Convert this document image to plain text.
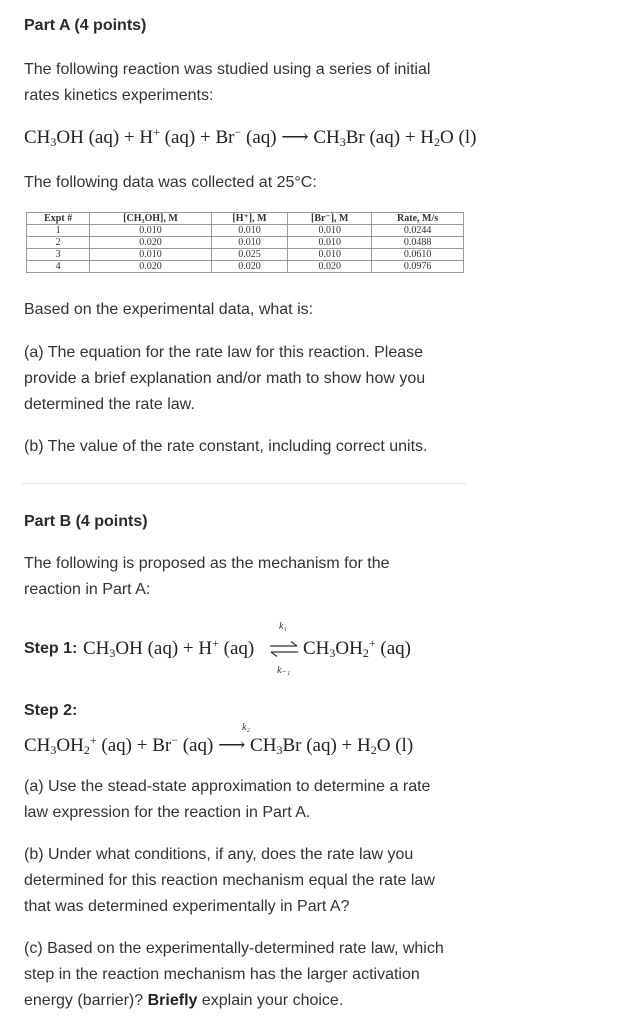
Part A (4 points)
The following reaction was studied using a series of initial
rates kinetics experiments:
$CH_3OH$ (aq) + H+ (aq) + Br− (aq) ⟶ $CH_3Br$ $(aq) + H_2O$ (l)
The following data was collected at 25°C:
Expt #	[CH₃OH], M	[H⁺], M	[Br⁻], M	Rate, M/s
1	0.010	0.010	0.010	0.0244
2	0.020	0.010	0.010	0.0488
3	0.010	0.025	0.010	0.0610
4	0.020	0.020	0.020	0.0976
Based on the experimental data, what is:
(a) The equation for the rate law for this reaction. Please
provide a brief explanation and/or math to show how you
determined the rate law.
(b) The value of the rate constant, including correct units.
Part B (4 points)
The following is proposed as the mechanism for the
reaction in Part A:
Step 1: $CH_3OH$ (aq) + H+ (aq)
k₁
k₋₁
$CH_3OH_2^+$ (aq)
Step 2:
k₂
$CH_3OH_2^+$ (aq) + Br− (aq) ⟶ $CH_3Br$ $(aq) + H_2O$ (l)
(a) Use the stead-state approximation to determine a rate
law expression for the reaction in Part A.
(b) Under what conditions, if any, does the rate law you
determined for this reaction mechanism equal the rate law
that was determined experimentally in Part A?
(c) Based on the experimentally-determined rate law, which
step in the reaction mechanism has the larger activation
energy (barrier)? Briefly explain your choice.
